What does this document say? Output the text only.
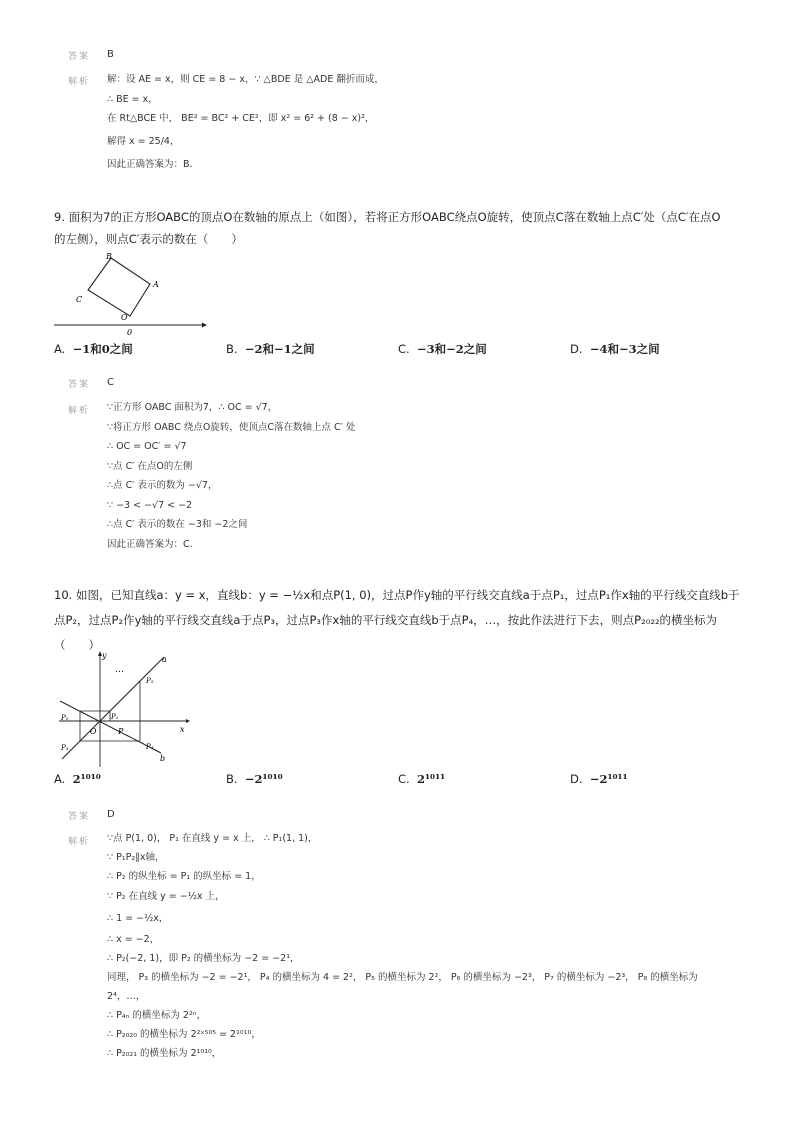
答案 B
解析 解：设 AE = x，则 CE = 8 − x，∵ △BDE 是 △ADE 翻折而成，
∴ BE = x，
在 Rt△BCE 中， BE² = BC² + CE²，即 x² = 6² + (8 − x)²，
解得 x = 25/4，
因此正确答案为：B．
9. 面积为7的正方形OABC的顶点O在数轴的原点上（如图），若将正方形OABC绕点O旋转，使顶点C落在数轴上点C′处（点C′在点O
的左侧），则点C′表示的数在（　　）
B
A
C
O
0
A. −1和0之间	B. −2和−1之间	C. −3和−2之间	D. −4和−3之间
答案 C
解析 ∵正方形 OABC 面积为7，∴ OC = √7，
∵将正方形 OABC 绕点O旋转，使顶点C落在数轴上点 C′ 处
∴ OC = OC′ = √7
∵点 C′ 在点O的左侧
∴点 C′ 表示的数为 −√7，
∵ −3 < −√7 < −2
∴点 C′ 表示的数在 −3和 −2之间
因此正确答案为：C．
10. 如图，已知直线a：y = x，直线b：y = −½x和点P(1, 0)，过点P作y轴的平行线交直线a于点P₁，过点P₁作x轴的平行线交直线b于
点P₂，过点P₂作y轴的平行线交直线a于点P₃，过点P₃作x轴的平行线交直线b于点P₄，…，按此作法进行下去，则点P₂₀₂₂的横坐标为
（　　）
y
x
a
b
…
O	P
P₁
P₂
P₃	P₄
P₅
A. 2¹⁰¹⁰	B. −2¹⁰¹⁰	C. 2¹⁰¹¹	D. −2¹⁰¹¹
答案 D
解析 ∵点 P(1, 0)， P₁ 在直线 y = x 上， ∴ P₁(1, 1)，
∵ P₁P₂∥x轴，
∴ P₂ 的纵坐标 = P₁ 的纵坐标 = 1，
∵ P₂ 在直线 y = −½x 上，
∴ 1 = −½x，
∴ x = −2，
∴ P₂(−2, 1)，即 P₂ 的横坐标为 −2 = −2¹，
同理， P₃ 的横坐标为 −2 = −2¹， P₄ 的横坐标为 4 = 2²， P₅ 的横坐标为 2²， P₆ 的横坐标为 −2³， P₇ 的横坐标为 −2³， P₈ 的横坐标为
2⁴，…，
∴ P₄ₙ 的横坐标为 2²ⁿ，
∴ P₂₀₂₀ 的横坐标为 2²ˣ⁵⁰⁵ = 2¹⁰¹⁰，
∴ P₂₀₂₁ 的横坐标为 2¹⁰¹⁰，
